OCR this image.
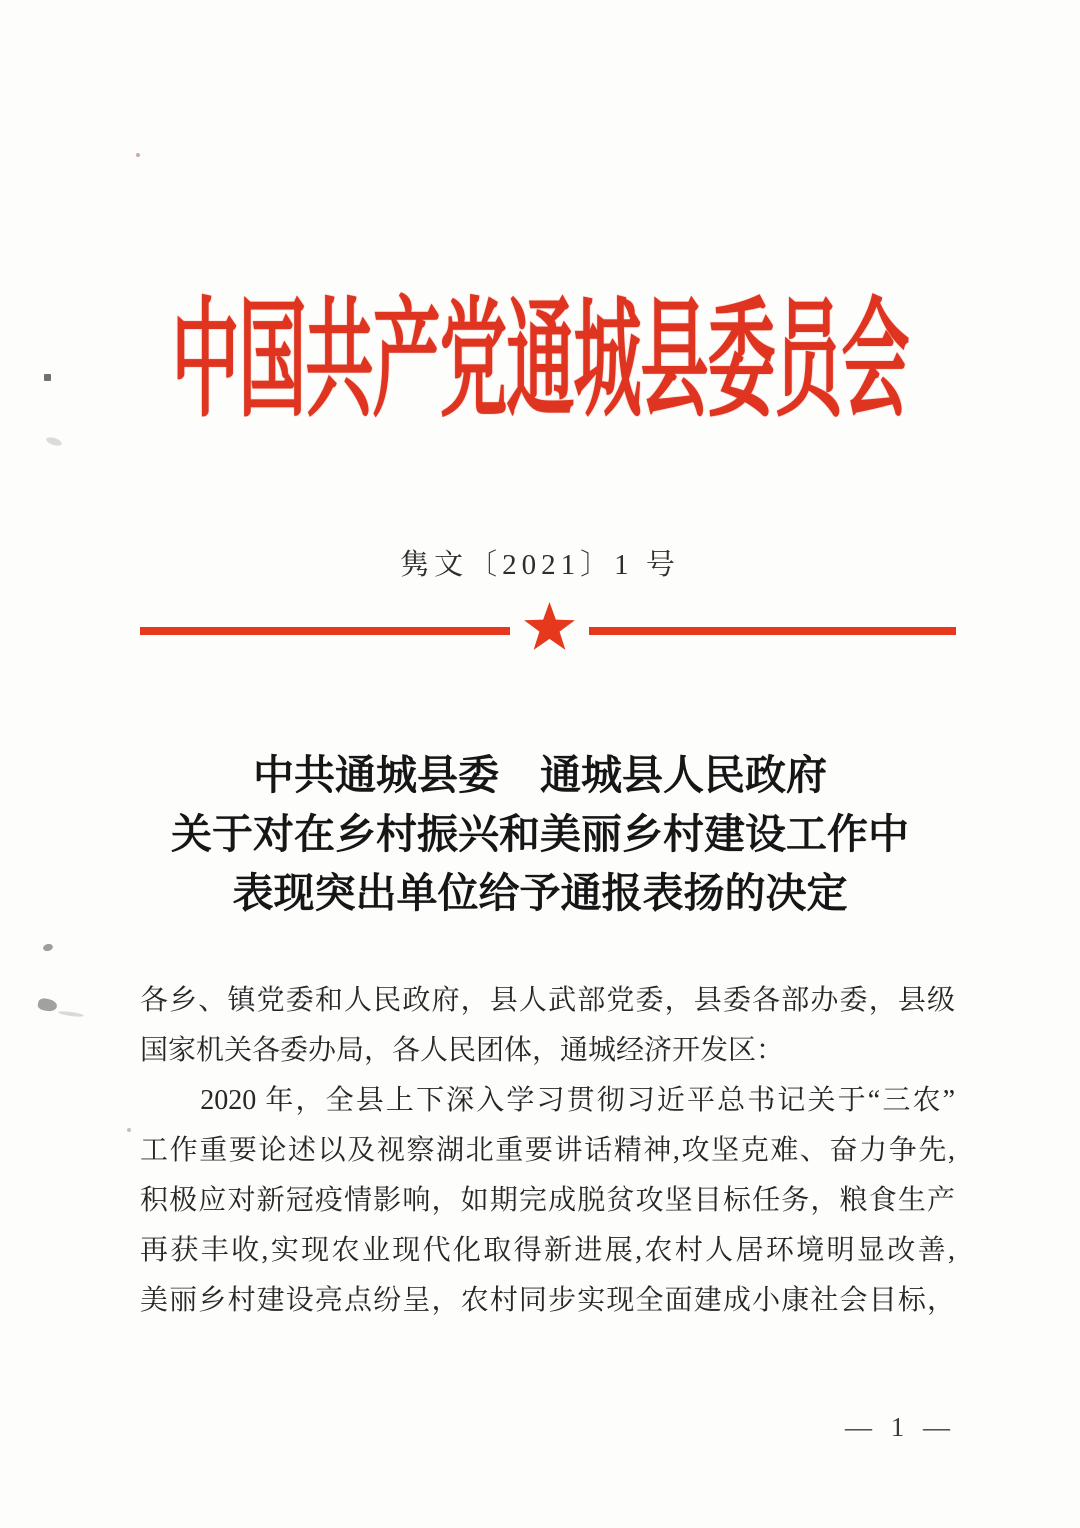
中国共产党通城县委员会
隽文〔2021〕1 号
中共通城县委　通城县人民政府
关于对在乡村振兴和美丽乡村建设工作中
表现突出单位给予通报表扬的决定
各乡、镇党委和人民政府，县人武部党委，县委各部办委，县级
国家机关各委办局，各人民团体，通城经济开发区：
　　2020 年，全县上下深入学习贯彻习近平总书记关于“三农”
工作重要论述以及视察湖北重要讲话精神,攻坚克难、奋力争先,
积极应对新冠疫情影响，如期完成脱贫攻坚目标任务，粮食生产
再获丰收,实现农业现代化取得新进展,农村人居环境明显改善,
美丽乡村建设亮点纷呈，农村同步实现全面建成小康社会目标，
— 1 —
